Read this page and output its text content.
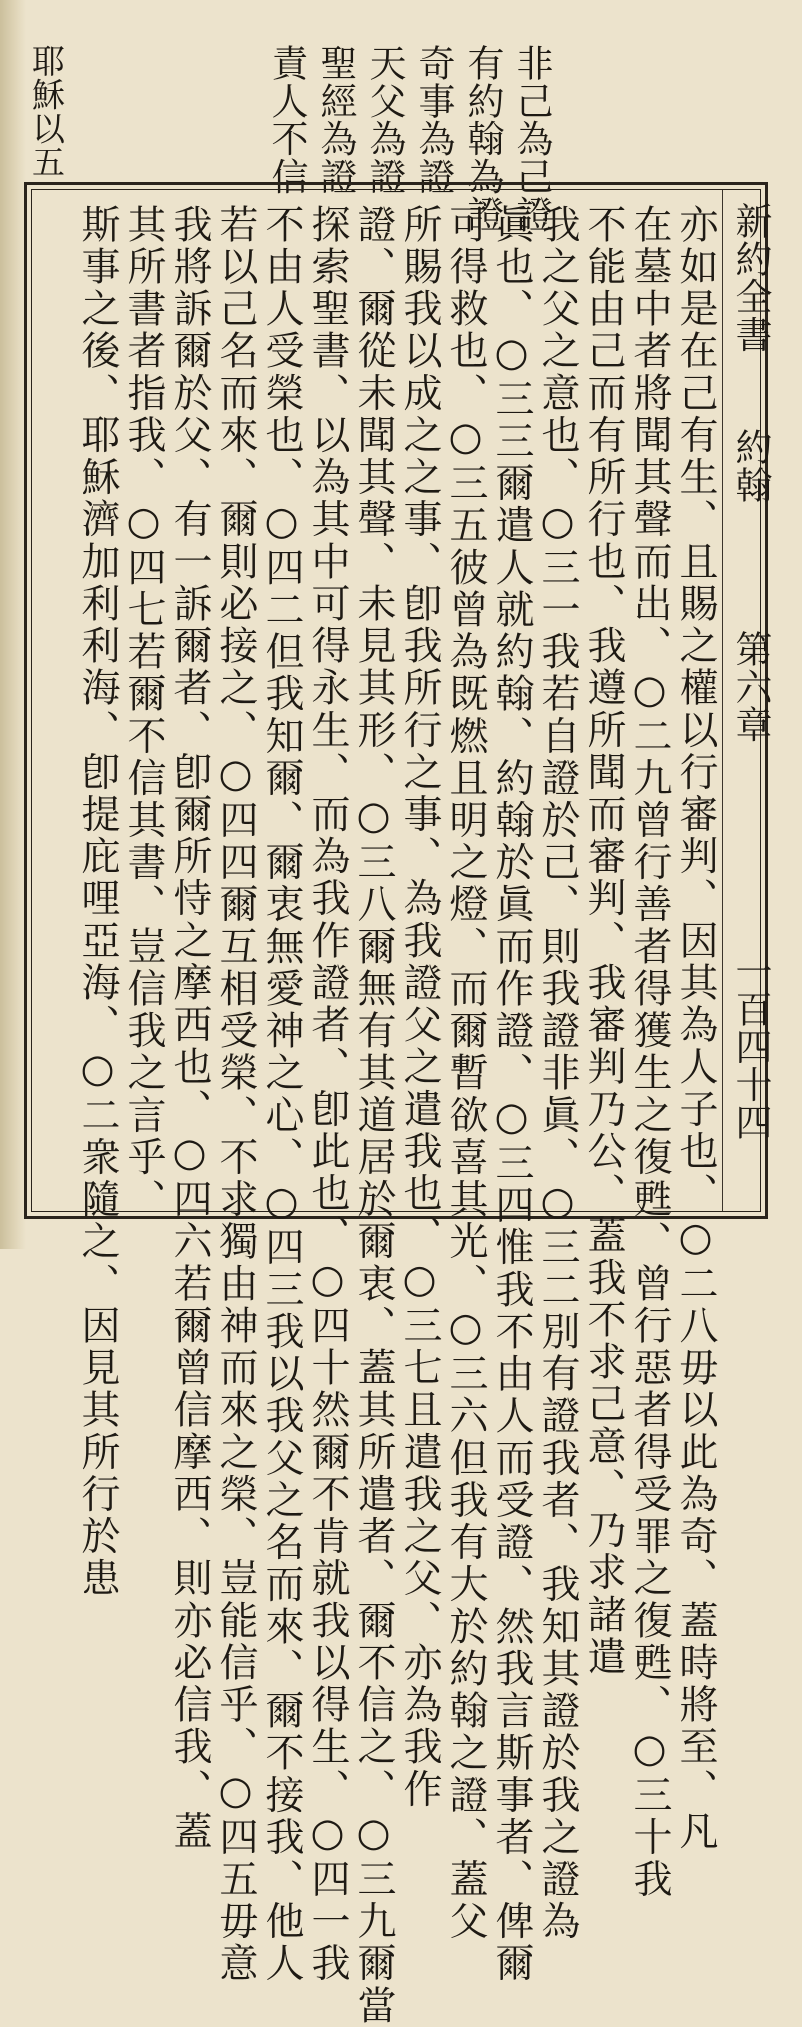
耶穌以五	非己為己證
有約翰為證
奇事為證
天父為證
聖經為證
責人不信
新約全書
約翰
第六章
一百四十四
亦如是在己有生、且賜之權以行審判、因其為人子也、○二八毋以此為奇、蓋時將至、凡
在墓中者將聞其聲而出、○二九曾行善者得獲生之復甦、曾行惡者得受罪之復甦、○三十我
不能由己而有所行也、我遵所聞而審判、我審判乃公、蓋我不求己意、乃求諸遣
我之父之意也、○三一我若自證於己、則我證非眞、○三二別有證我者、我知其證於我之證為
眞也、○三三爾遣人就約翰、約翰於眞而作證、○三四惟我不由人而受證、然我言斯事者、俾爾
可得救也、○三五彼曾為既燃且明之燈、而爾暫欲喜其光、○三六但我有大於約翰之證、蓋父
所賜我以成之之事、卽我所行之事、為我證父之遣我也、○三七且遣我之父、亦為我作
證、爾從未聞其聲、未見其形、○三八爾無有其道居於爾衷、蓋其所遣者、爾不信之、○三九爾當
探索聖書、以為其中可得永生、而為我作證者、卽此也、○四十然爾不肯就我以得生、○四一我
不由人受榮也、○四二但我知爾、爾衷無愛神之心、○四三我以我父之名而來、爾不接我、他人
若以己名而來、爾則必接之、○四四爾互相受榮、不求獨由神而來之榮、豈能信乎、○四五毋意
我將訴爾於父、有一訴爾者、卽爾所恃之摩西也、○四六若爾曾信摩西、則亦必信我、蓋
其所書者指我、○四七若爾不信其書、豈信我之言乎、
斯事之後、耶穌濟加利利海、卽提庇哩亞海、○二衆隨之、因見其所行於患
